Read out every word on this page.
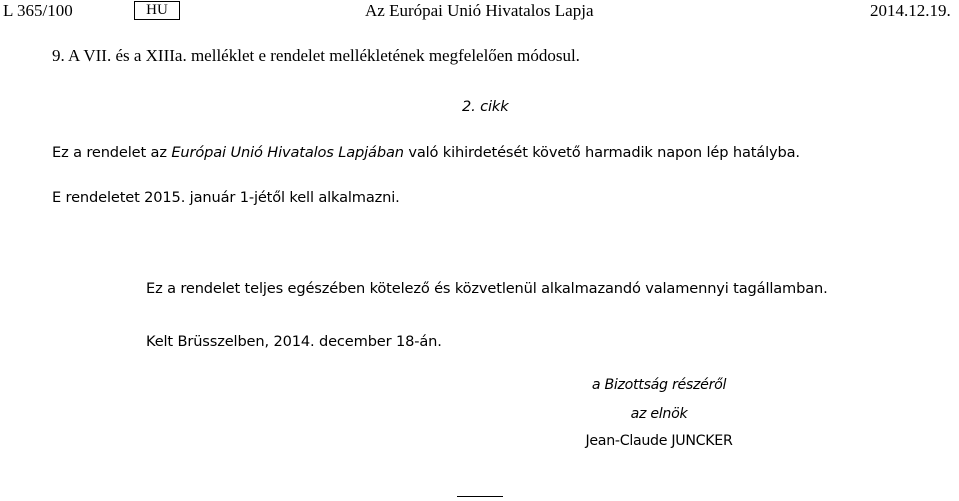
L 365/100	HU	Az Európai Unió Hivatalos Lapja	2014.12.19.
9. A VII. és a XIIIa. melléklet e rendelet mellékletének megfelelően módosul.
2. cikk
Ez a rendelet az Európai Unió Hivatalos Lapjában való kihirdetését követő harmadik napon lép hatályba.
E rendeletet 2015. január 1-jétől kell alkalmazni.
Ez a rendelet teljes egészében kötelező és közvetlenül alkalmazandó valamennyi tagállamban.
Kelt Brüsszelben, 2014. december 18-án.
a Bizottság részéről
az elnök
Jean-Claude JUNCKER
